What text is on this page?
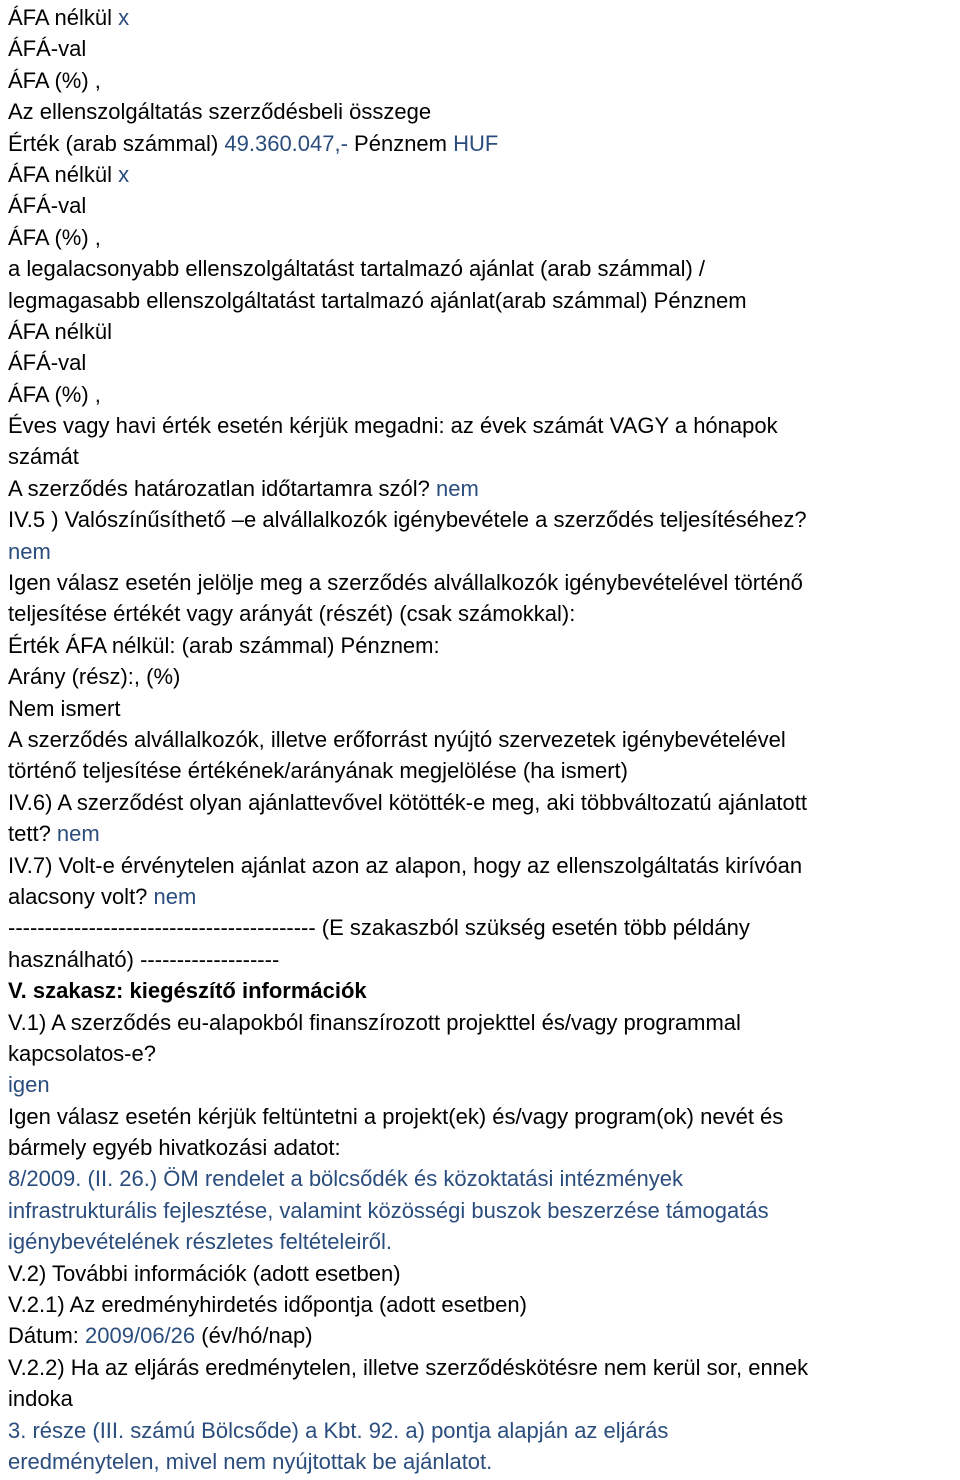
ÁFA nélkül x
ÁFÁ-val
ÁFA (%) ,
Az ellenszolgáltatás szerződésbeli összege
Érték (arab számmal) 49.360.047,- Pénznem HUF
ÁFA nélkül x
ÁFÁ-val
ÁFA (%) ,
a legalacsonyabb ellenszolgáltatást tartalmazó ajánlat (arab számmal) /
legmagasabb ellenszolgáltatást tartalmazó ajánlat(arab számmal) Pénznem
ÁFA nélkül
ÁFÁ-val
ÁFA (%) ,
Éves vagy havi érték esetén kérjük megadni: az évek számát VAGY a hónapok
számát
A szerződés határozatlan időtartamra szól? nem
IV.5 ) Valószínűsíthető –e alvállalkozók igénybevétele a szerződés teljesítéséhez?
nem
Igen válasz esetén jelölje meg a szerződés alvállalkozók igénybevételével történő
teljesítése értékét vagy arányát (részét) (csak számokkal):
Érték ÁFA nélkül: (arab számmal) Pénznem:
Arány (rész):, (%)
Nem ismert
A szerződés alvállalkozók, illetve erőforrást nyújtó szervezetek igénybevételével
történő teljesítése értékének/arányának megjelölése (ha ismert)
IV.6) A szerződést olyan ajánlattevővel kötötték-e meg, aki többváltozatú ajánlatott
tett? nem
IV.7) Volt-e érvénytelen ajánlat azon az alapon, hogy az ellenszolgáltatás kirívóan
alacsony volt? nem
------------------------------------------ (E szakaszból szükség esetén több példány
használható) -------------------
V. szakasz: kiegészítő információk
V.1) A szerződés eu-alapokból finanszírozott projekttel és/vagy programmal
kapcsolatos-e?
igen
Igen válasz esetén kérjük feltüntetni a projekt(ek) és/vagy program(ok) nevét és
bármely egyéb hivatkozási adatot:
8/2009. (II. 26.) ÖM rendelet a bölcsődék és közoktatási intézmények
infrastrukturális fejlesztése, valamint közösségi buszok beszerzése támogatás
igénybevételének részletes feltételeiről.
V.2) További információk (adott esetben)
V.2.1) Az eredményhirdetés időpontja (adott esetben)
Dátum: 2009/06/26 (év/hó/nap)
V.2.2) Ha az eljárás eredménytelen, illetve szerződéskötésre nem kerül sor, ennek
indoka
3. része (III. számú Bölcsőde) a Kbt. 92. a) pontja alapján az eljárás
eredménytelen, mivel nem nyújtottak be ajánlatot.
